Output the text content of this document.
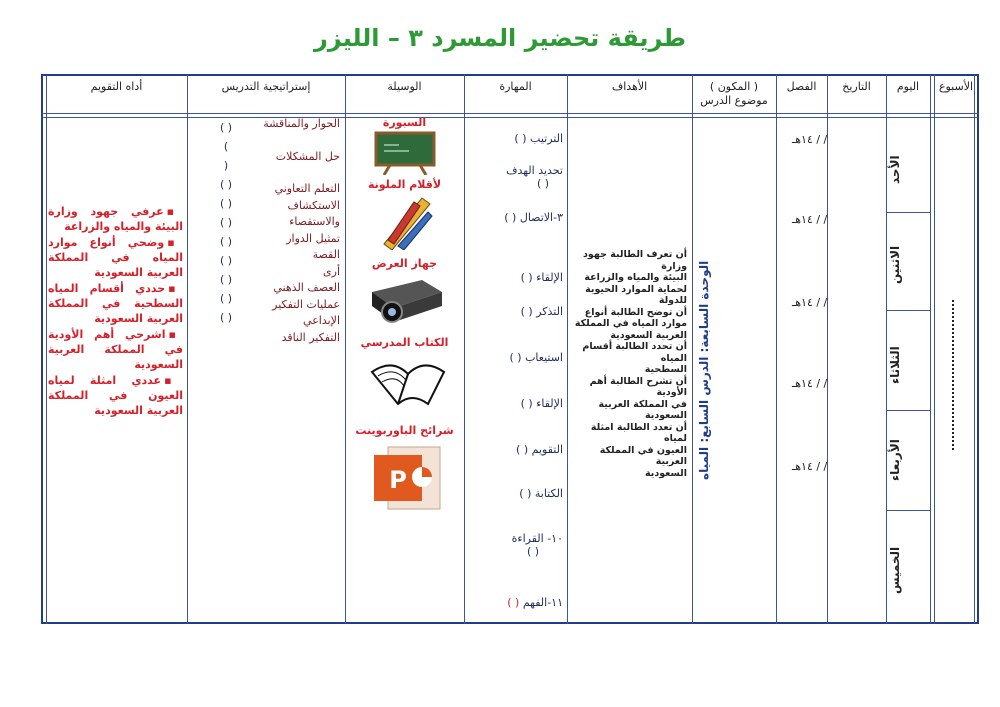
طريقة تحضير المسرد ٣ – الليزر
الأسبوع
اليوم
التاريخ
الفصل
( المكون )
موضوع الدرس
الأهداف
المهارة
الوسيلة
إستراتيجية التدريس
أداه التقويم
الأحد
الاثنين
الثلاثاء
الأربعاء
الخميس
/ / ١٤هـ
/ / ١٤هـ
/ / ١٤هـ
/ / ١٤هـ
/ / ١٤هـ
الوحدة السابعة: الدرس السابع: المياه
أن تعرف الطالبة جهود وزارة
البيئة والمياه والزراعة
لحماية الموارد الحيوية للدولة
أن توضح الطالبة أنواع
موارد المياه في المملكة
العربية السعودية
أن تحدد الطالبة أقسام المياه
السطحية
أن تشرح الطالبة أهم الأودية
في المملكة العربية السعودية
أن تعدد الطالبة امثلة لمياه
العيون في المملكة العربية
السعودية
الترتيب ( )
تحديد الهدف
( )
٣-الاتصال ( )
الإلقاء ( )
التذكر ( )
استيعاب ( )
الإلقاء ( )
التقويم ( )
الكتابة ( )
١٠- القراءة
( )
١١-الفهم ( )
السبورة
لأقلام الملونة
جهاز العرض
الكتاب المدرسي
شرائح الباوربوينت
P
الحوار والمناقشة
حل المشكلات
التعلم التعاوني
الاستكشاف
والاستقصاء
تمثيل الدوار
القصة
أرى
العصف الذهني
عمليات التفكير
الإبداعي
التفكير الناقد
( )
)
(
( )
( )
( )
( )
( )
( )
( )
( )
▪عرفي جهود وزارة البيئة والمياه والزراعة
▪وضحي أنواع موارد المياه في المملكة العربية السعودية
▪حددي أقسام المياه السطحية في المملكة العربية السعودية
▪اشرحي أهم الأودية في المملكة العربية السعودية
▪عددي امثلة لمياه العيون في المملكة العربية السعودية
